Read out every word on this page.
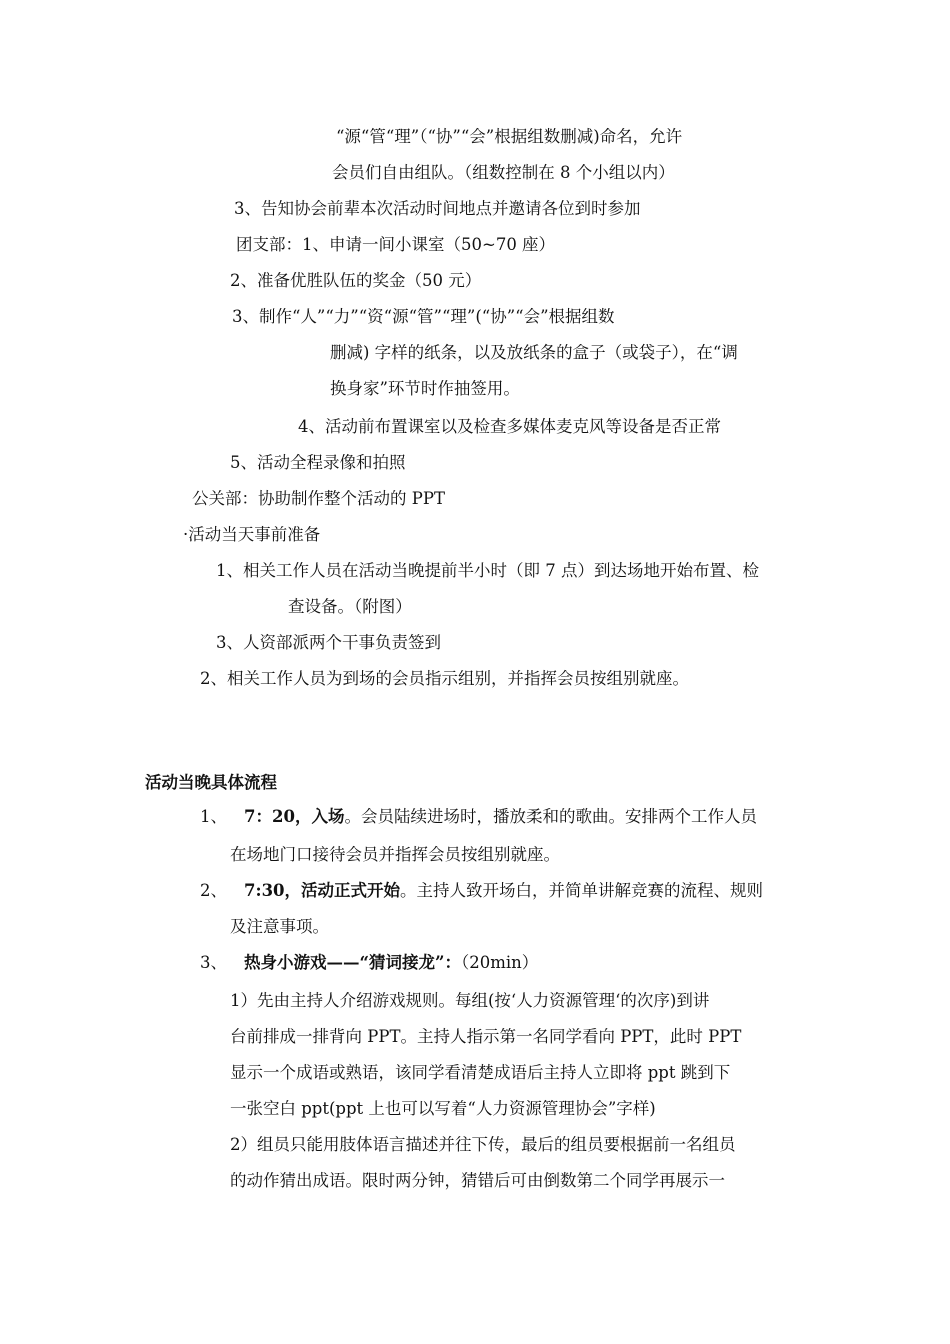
“源“管“理”（“协”“会”根据组数删减)命名，允许
会员们自由组队。（组数控制在 8 个小组以内）
3、告知协会前辈本次活动时间地点并邀请各位到时参加
团支部：1、申请一间小课室（50~70 座）
2、准备优胜队伍的奖金（50 元）
3、制作“人”“力”“资“源“管”“理”(“协”“会”根据组数
删减) 字样的纸条，以及放纸条的盒子（或袋子），在“调
换身家”环节时作抽签用。
4、活动前布置课室以及检查多媒体麦克风等设备是否正常
5、活动全程录像和拍照
公关部：协助制作整个活动的 PPT
·活动当天事前准备
1、相关工作人员在活动当晚提前半小时（即 7 点）到达场地开始布置、检
查设备。（附图）
3、人资部派两个干事负责签到
2、相关工作人员为到场的会员指示组别，并指挥会员按组别就座。
活动当晚具体流程
1、 7：20，入场。会员陆续进场时，播放柔和的歌曲。安排两个工作人员
在场地门口接待会员并指挥会员按组别就座。
2、 7:30，活动正式开始。主持人致开场白，并简单讲解竞赛的流程、规则
及注意事项。
3、 热身小游戏——“猜词接龙”：（20min）
1）先由主持人介绍游戏规则。每组(按‘人力资源管理‘的次序)到讲
台前排成一排背向 PPT。主持人指示第一名同学看向 PPT，此时 PPT
显示一个成语或熟语，该同学看清楚成语后主持人立即将 ppt 跳到下
一张空白 ppt(ppt 上也可以写着“人力资源管理协会”字样)
2）组员只能用肢体语言描述并往下传，最后的组员要根据前一名组员
的动作猜出成语。限时两分钟，猜错后可由倒数第二个同学再展示一
